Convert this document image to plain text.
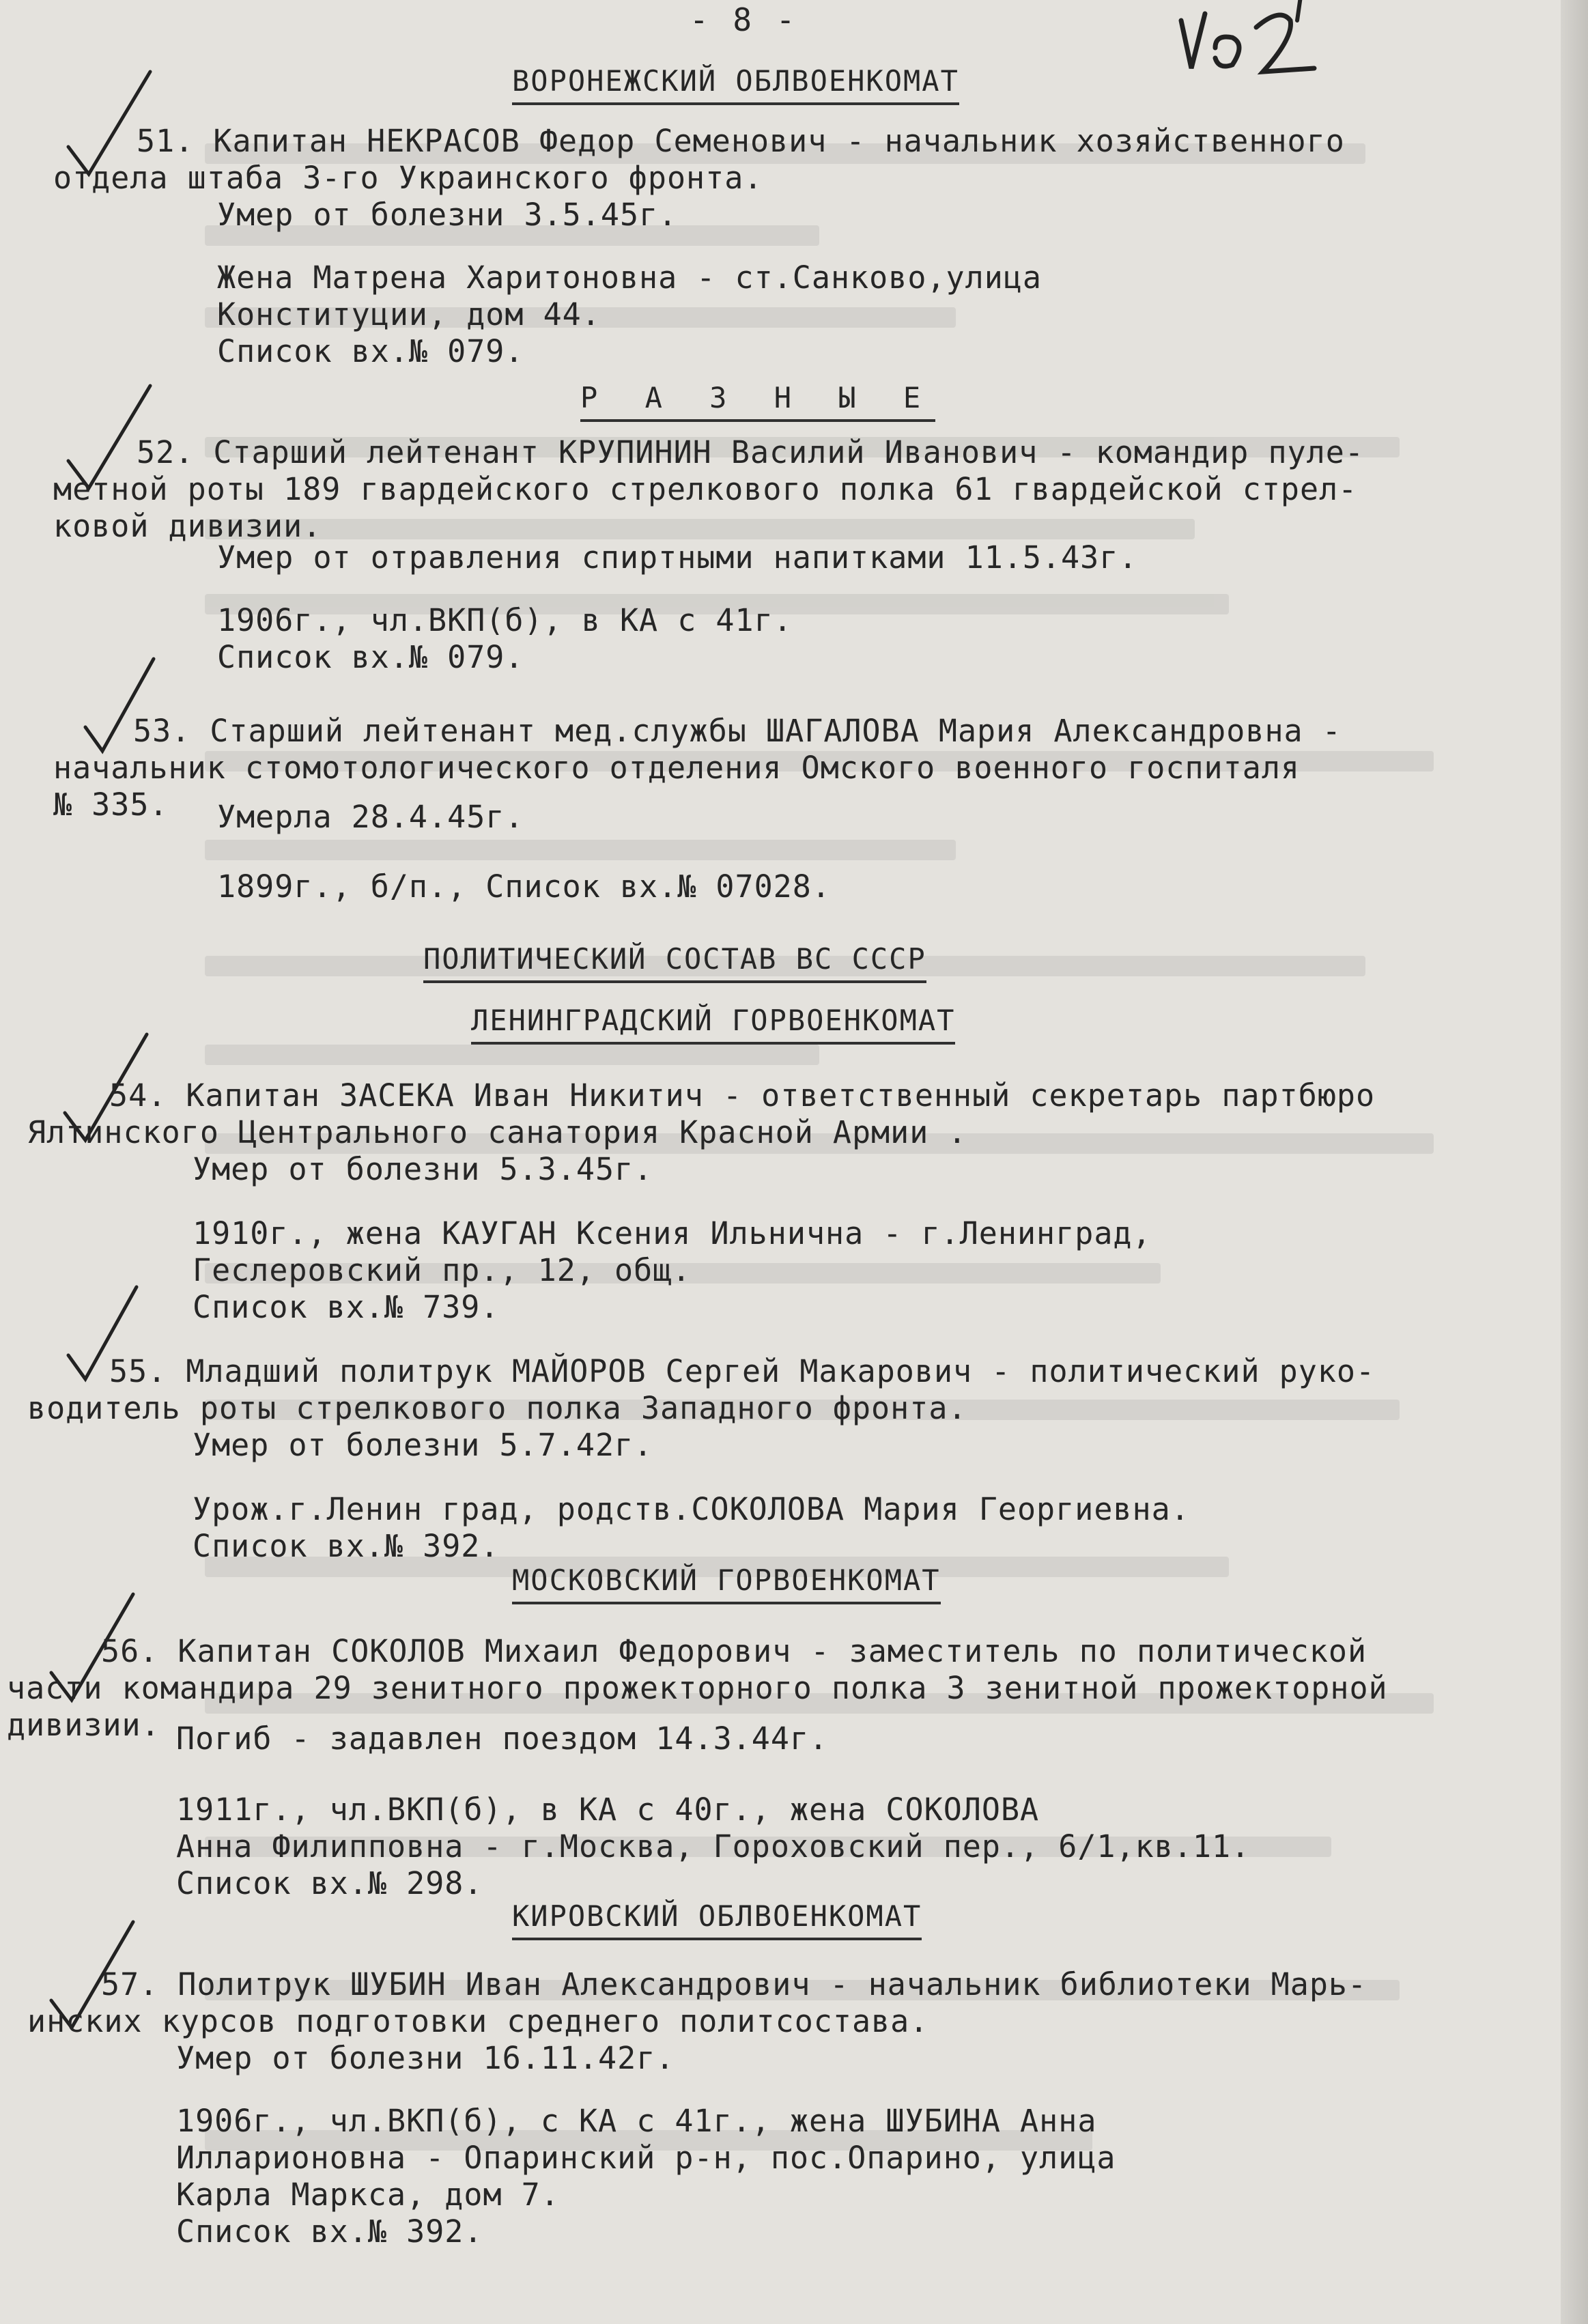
- 8 -
ВОРОНЕЖСКИЙ ОБЛВОЕНКОМАТ
51. Капитан НЕКРАСОВ Федор Семенович - начальник хозяйственного
отдела штаба 3-го Украинского фронта.
Умер от болезни 3.5.45г.
Жена Матрена Харитоновна - ст.Санково,улица
Конституции, дом 44.
Список вх.№ 079.
Р А З Н Ы Е
52. Старший лейтенант КРУПИНИН Василий Иванович - командир пуле-
метной роты 189 гвардейского стрелкового полка 61 гвардейской стрел-
ковой дивизии.
Умер от отравления спиртными напитками 11.5.43г.
1906г., чл.ВКП(б), в КА с 41г.
Список вх.№ 079.
53. Старший лейтенант мед.службы ШАГАЛОВА Мария Александровна -
начальник стомотологического отделения Омского военного госпиталя
№ 335. Умерла 28.4.45г.
1899г., б/п., Список вх.№ 07028.
ПОЛИТИЧЕСКИЙ СОСТАВ ВС СССР
ЛЕНИНГРАДСКИЙ ГОРВОЕНКОМАТ
54. Капитан ЗАСЕКА Иван Никитич - ответственный секретарь партбюро
Ялтинского Центрального санатория Красной Армии .
Умер от болезни 5.3.45г.
1910г., жена КАУГАН Ксения Ильнична - г.Ленинград,
Геслеровский пр., 12, общ.
Список вх.№ 739.
55. Младший политрук МАЙОРОВ Сергей Макарович - политический руко-
водитель роты стрелкового полка Западного фронта.
Умер от болезни 5.7.42г.
Урож.г.Ленин град, родств.СОКОЛОВА Мария Георгиевна.
Список вх.№ 392.
МОСКОВСКИЙ ГОРВОЕНКОМАТ
56. Капитан СОКОЛОВ Михаил Федорович - заместитель по политической
части командира 29 зенитного прожекторного полка 3 зенитной прожекторной
дивизии. Погиб - задавлен поездом 14.3.44г.
1911г., чл.ВКП(б), в КА с 40г., жена СОКОЛОВА
Анна Филипповна - г.Москва, Гороховский пер., 6/1,кв.11.
Список вх.№ 298.
КИРОВСКИЙ ОБЛВОЕНКОМАТ
57. Политрук ШУБИН Иван Александрович - начальник библиотеки Марь-
инских курсов подготовки среднего политсостава.
Умер от болезни 16.11.42г.
1906г., чл.ВКП(б), с КА с 41г., жена ШУБИНА Анна
Илларионовна - Опаринский р-н, пос.Опарино, улица
Карла Маркса, дом 7.
Список вх.№ 392.
